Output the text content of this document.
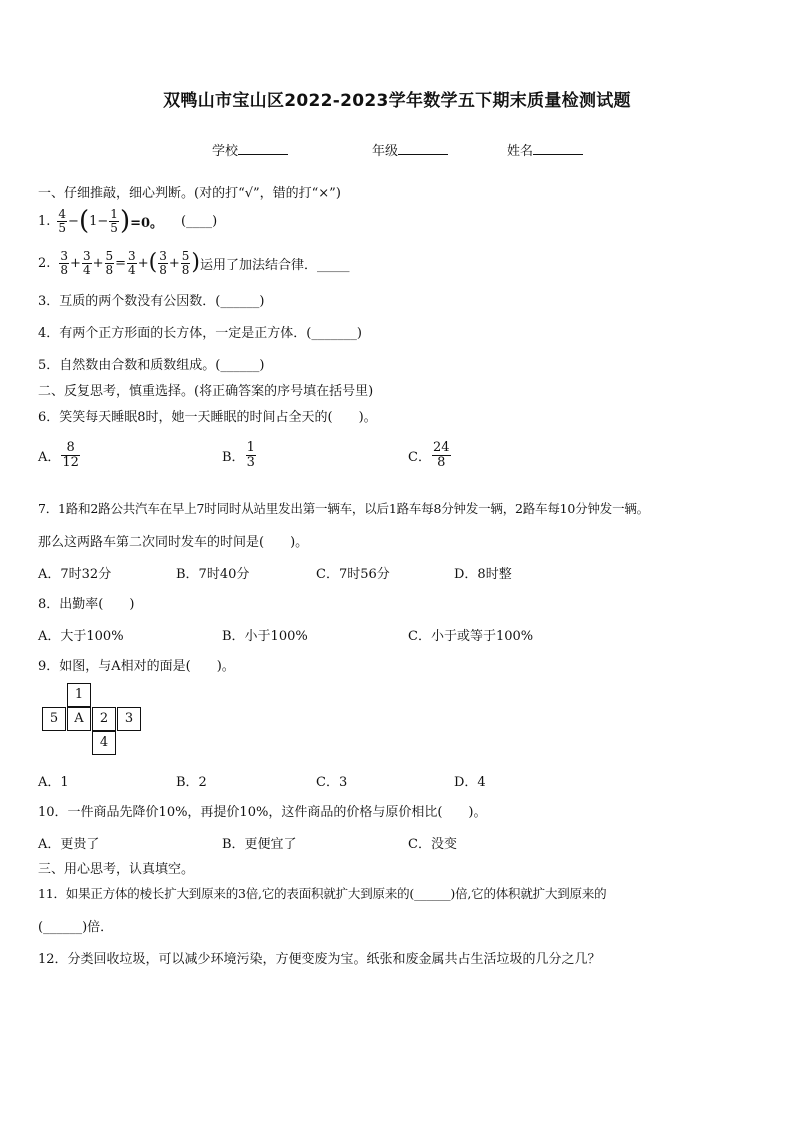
双鸭山市宝山区2022-2023学年数学五下期末质量检测试题
学校	年级	姓名
一、仔细推敲，细心判断。(对的打“√”，错的打“×”)
1. $\frac{4}{5}$ − ( $1 - \frac{1}{5}$ ) =0。 (____)
2. $\frac{3}{8} + \frac{3}{4} + \frac{5}{8} = \frac{3}{4}$ + ( $\frac{3}{8} + \frac{5}{8}$ ) 运用了加法结合律．_____
3．互质的两个数没有公因数．(______)
4．有两个正方形面的长方体，一定是正方体．(_______)
5．自然数由合数和质数组成。(______)
二、反复思考，慎重选择。(将正确答案的序号填在括号里)
6．笑笑每天睡眠8时，她一天睡眠的时间占全天的(　　)。
A． $\frac{8}{12}$	B． $\frac{1}{3}$	C． $\frac{24}{8}$
7．1路和2路公共汽车在早上7时同时从站里发出第一辆车，以后1路车每8分钟发一辆，2路车每10分钟发一辆。
那么这两路车第二次同时发车的时间是(　　)。
A．7时32分	B．7时40分	C．7时56分	D．8时整
8．出勤率(　　)
A．大于100%	B．小于100%	C．小于或等于100%
9．如图，与A相对的面是(　　)。
1
5	A	2	3
4
A．1	B．2	C．3	D．4
10．一件商品先降价10%，再提价10%，这件商品的价格与原价相比(　　)。
A．更贵了	B．更便宜了	C．没变
三、用心思考，认真填空。
11．如果正方体的棱长扩大到原来的3倍,它的表面积就扩大到原来的(______)倍,它的体积就扩大到原来的
(______)倍．
12．分类回收垃圾，可以减少环境污染，方便变废为宝。纸张和废金属共占生活垃圾的几分之几？
